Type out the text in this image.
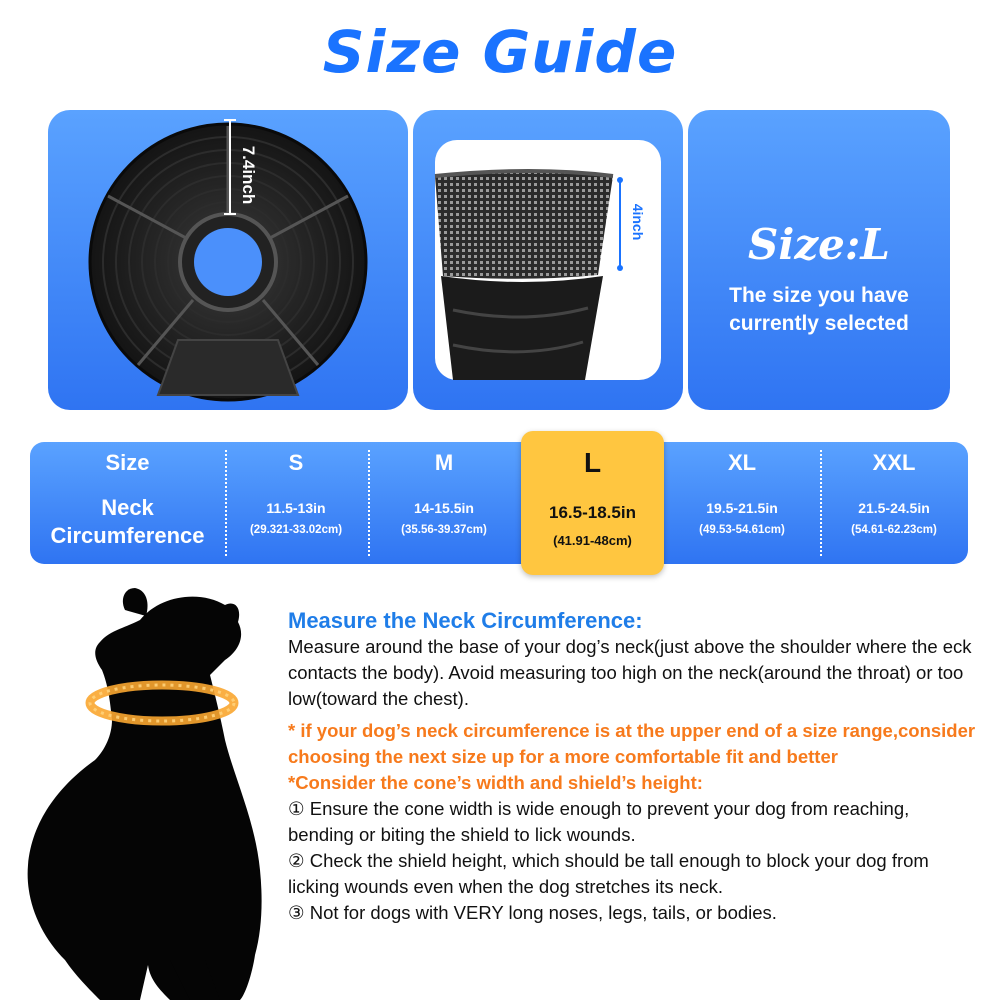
Size Guide
7.4inch
4inch	Size:L
The size you have currently selected
Size
Neck Circumference
S
11.5-13in
(29.321-33.02cm)
M
14-15.5in
(35.56-39.37cm)
XL
19.5-21.5in
(49.53-54.61cm)
XXL
21.5-24.5in
(54.61-62.23cm)
L
16.5-18.5in
(41.91-48cm)

Measure the Neck Circumference:

Measure around the base of your dog’s neck(just above the shoulder where the eck contacts the body). Avoid measuring too high on the neck(around the throat) or too low(toward the chest).

* if your dog’s neck circumference is at the upper end of a size range,consider choosing the next size up for a more comfortable fit and better

*Consider the cone’s width and shield’s height:

① Ensure the cone width is wide enough to prevent your dog from reaching, bending or biting the shield to lick wounds.

② Check the shield height, which should be tall enough to block your dog from licking wounds even when the dog stretches its neck.

③ Not for dogs with VERY long noses, legs, tails, or bodies.
